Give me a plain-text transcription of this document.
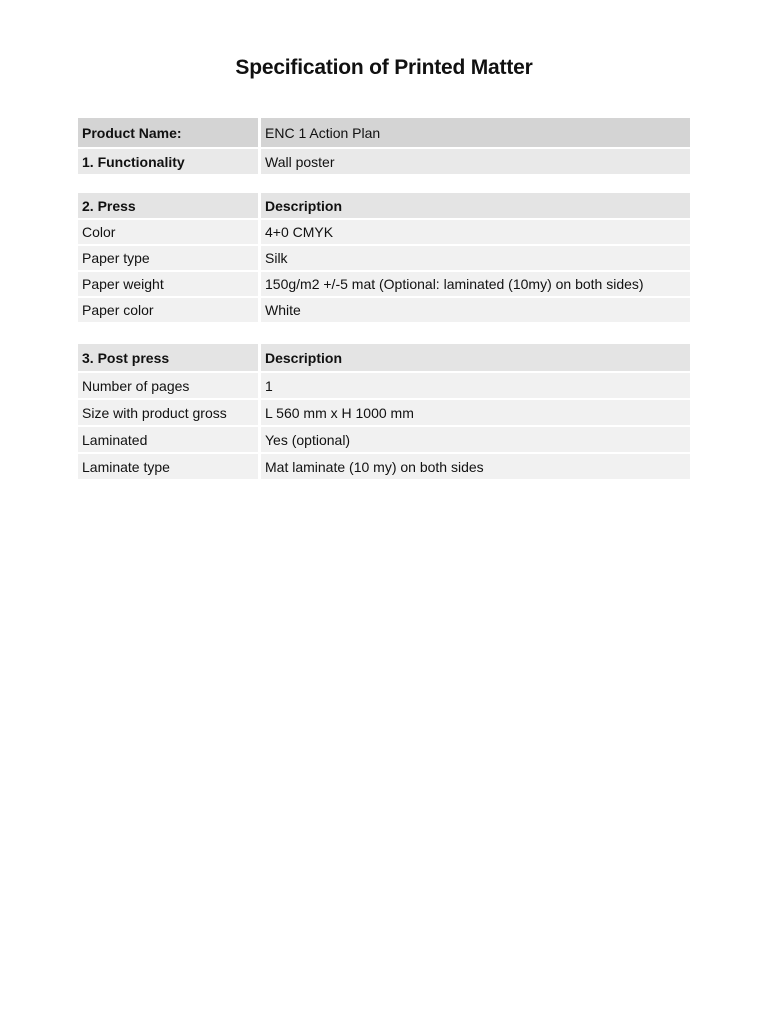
Specification of Printed Matter
Product Name:	ENC 1 Action Plan
1. Functionality	Wall poster
2. Press	Description
Color	4+0 CMYK
Paper type	Silk
Paper weight	150g/m2 +/-5 mat (Optional: laminated (10my) on both sides)
Paper color	White
3. Post press	Description
Number of pages	1
Size with product gross	L 560 mm x H 1000 mm
Laminated	Yes (optional)
Laminate type	Mat laminate (10 my) on both sides
